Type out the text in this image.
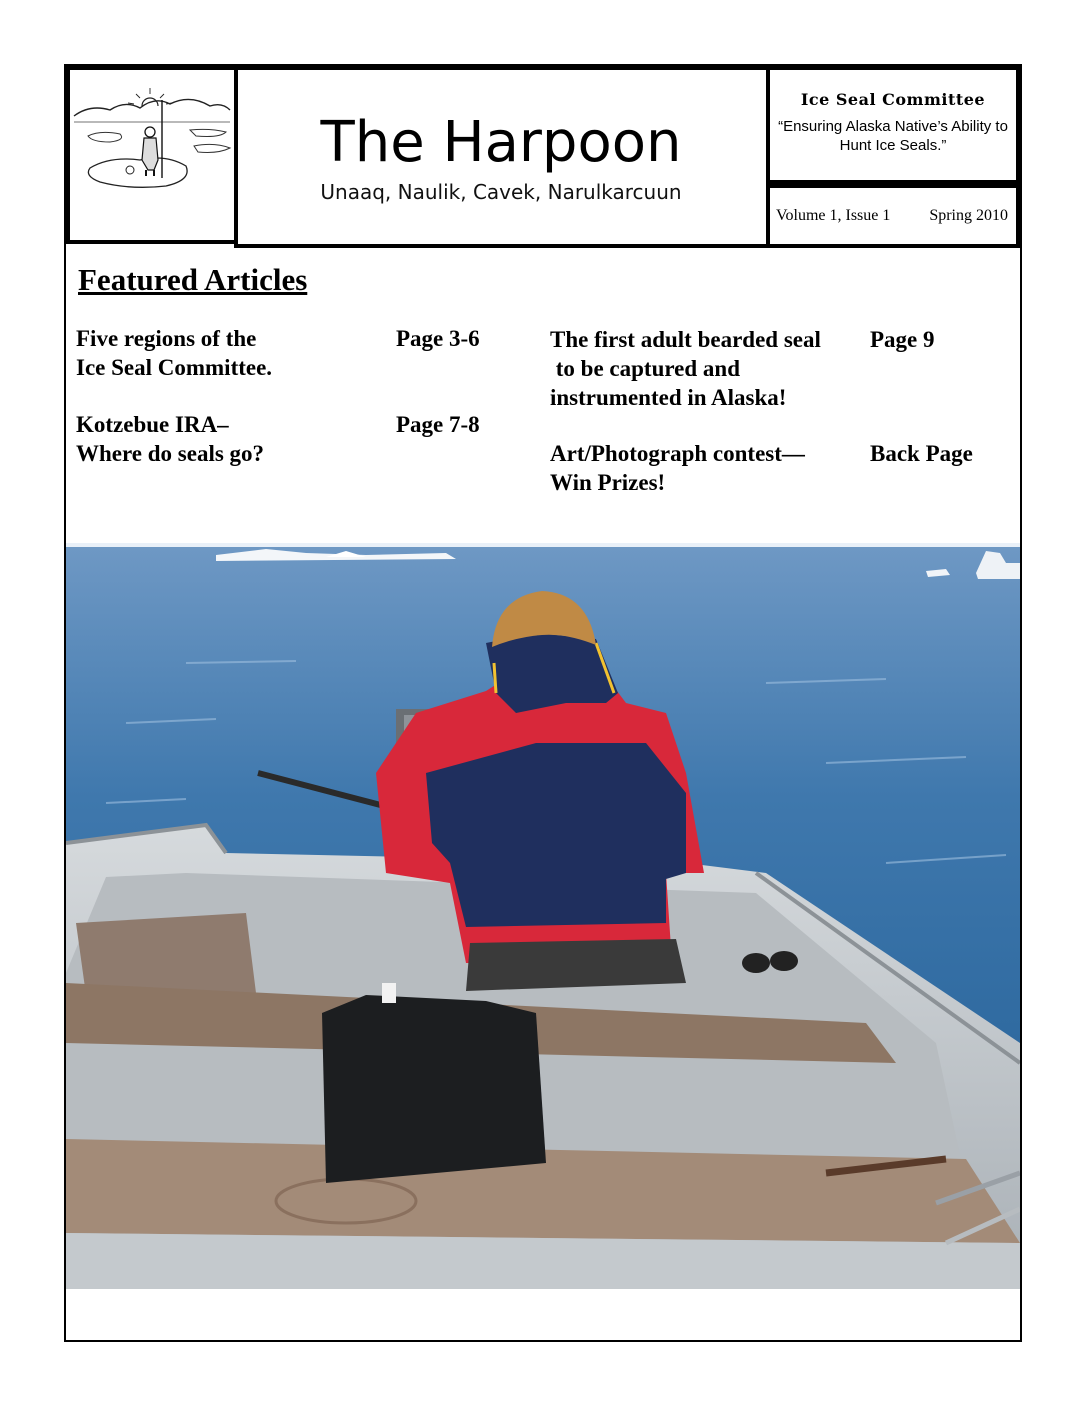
The Harpoon
Unaaq, Naulik, Cavek, Narulkarcuun
Ice Seal Committee
“Ensuring Alaska Native’s Ability to Hunt Ice Seals.”
Volume 1, Issue 1 Spring 2010
Featured Articles
Five regions of the
Ice Seal Committee.
Page 3-6
Kotzebue IRA–
Where do seals go?
Page 7-8
The first adult bearded seal
to be captured and
instrumented in Alaska!
Page 9
Art/Photograph contest—
Win Prizes!
Back Page
